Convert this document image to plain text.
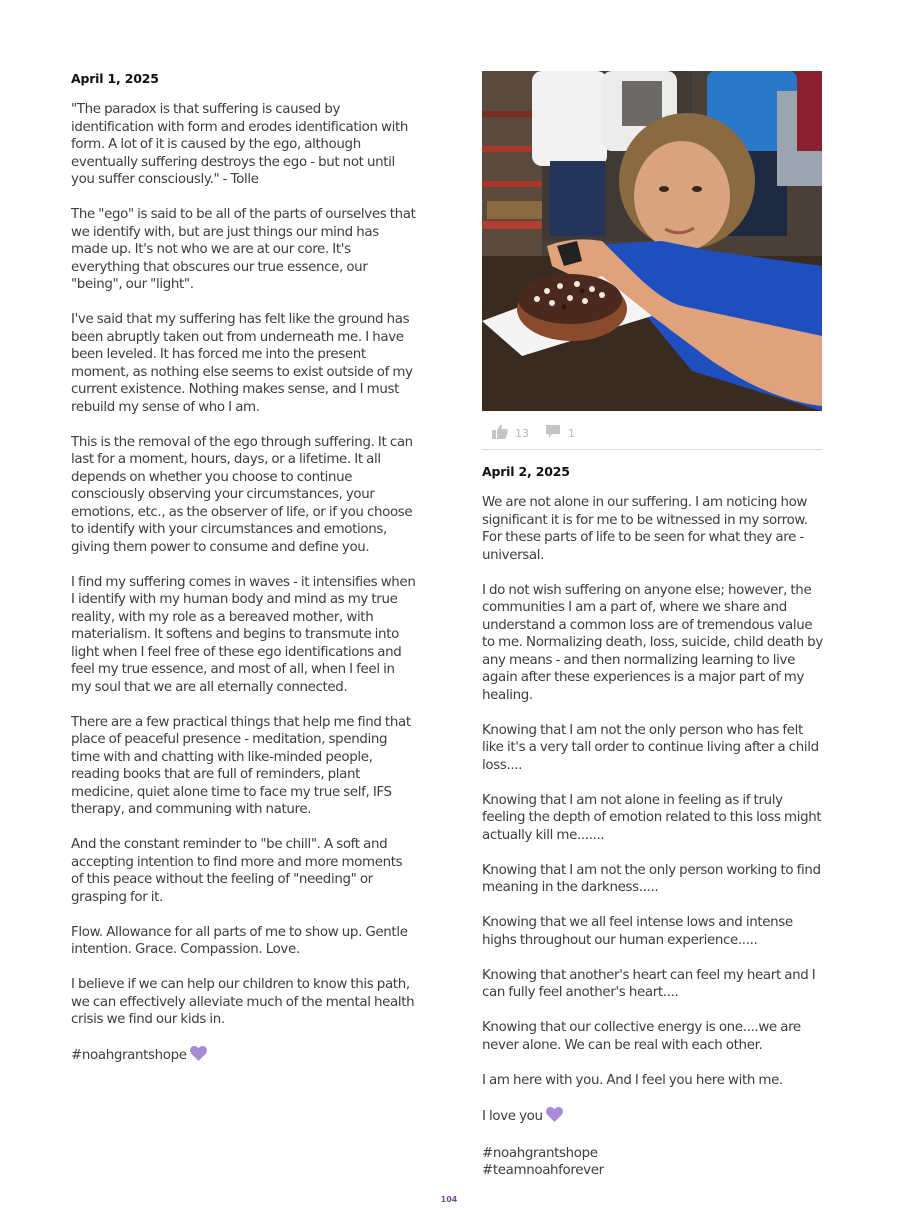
April 1, 2025

"The paradox is that suffering is caused by identification with form and erodes identification with form. A lot of it is caused by the ego, although eventually suffering destroys the ego - but not until you suffer consciously." - Tolle

The "ego" is said to be all of the parts of ourselves that we identify with, but are just things our mind has made up. It's not who we are at our core. It's everything that obscures our true essence, our "being", our "light".

I've said that my suffering has felt like the ground has been abruptly taken out from underneath me. I have been leveled. It has forced me into the present moment, as nothing else seems to exist outside of my current existence. Nothing makes sense, and I must rebuild my sense of who I am.

This is the removal of the ego through suffering. It can last for a moment, hours, days, or a lifetime. It all depends on whether you choose to continue consciously observing your circumstances, your emotions, etc., as the observer of life, or if you choose to identify with your circumstances and emotions, giving them power to consume and define you.

I find my suffering comes in waves - it intensifies when I identify with my human body and mind as my true reality, with my role as a bereaved mother, with materialism. It softens and begins to transmute into light when I feel free of these ego identifications and feel my true essence, and most of all, when I feel in my soul that we are all eternally connected.

There are a few practical things that help me find that place of peaceful presence - meditation, spending time with and chatting with like-minded people, reading books that are full of reminders, plant medicine, quiet alone time to face my true self, IFS therapy, and communing with nature.

And the constant reminder to "be chill". A soft and accepting intention to find more and more moments of this peace without the feeling of "needing" or grasping for it.

Flow. Allowance for all parts of me to show up. Gentle intention. Grace. Compassion. Love.

I believe if we can help our children to know this path, we can effectively alleviate much of the mental health crisis we find our kids in.

#noahgrantshope

13	1
April 2, 2025

We are not alone in our suffering. I am noticing how significant it is for me to be witnessed in my sorrow. For these parts of life to be seen for what they are - universal.

I do not wish suffering on anyone else; however, the communities I am a part of, where we share and understand a common loss are of tremendous value to me. Normalizing death, loss, suicide, child death by any means - and then normalizing learning to live again after these experiences is a major part of my healing.

Knowing that I am not the only person who has felt like it's a very tall order to continue living after a child loss....

Knowing that I am not alone in feeling as if truly feeling the depth of emotion related to this loss might actually kill me.......

Knowing that I am not the only person working to find meaning in the darkness.....

Knowing that we all feel intense lows and intense highs throughout our human experience.....

Knowing that another's heart can feel my heart and I can fully feel another's heart....

Knowing that our collective energy is one....we are never alone. We can be real with each other.

I am here with you. And I feel you here with me.

I love you

#noahgrantshope
#teamnoahforever

104
